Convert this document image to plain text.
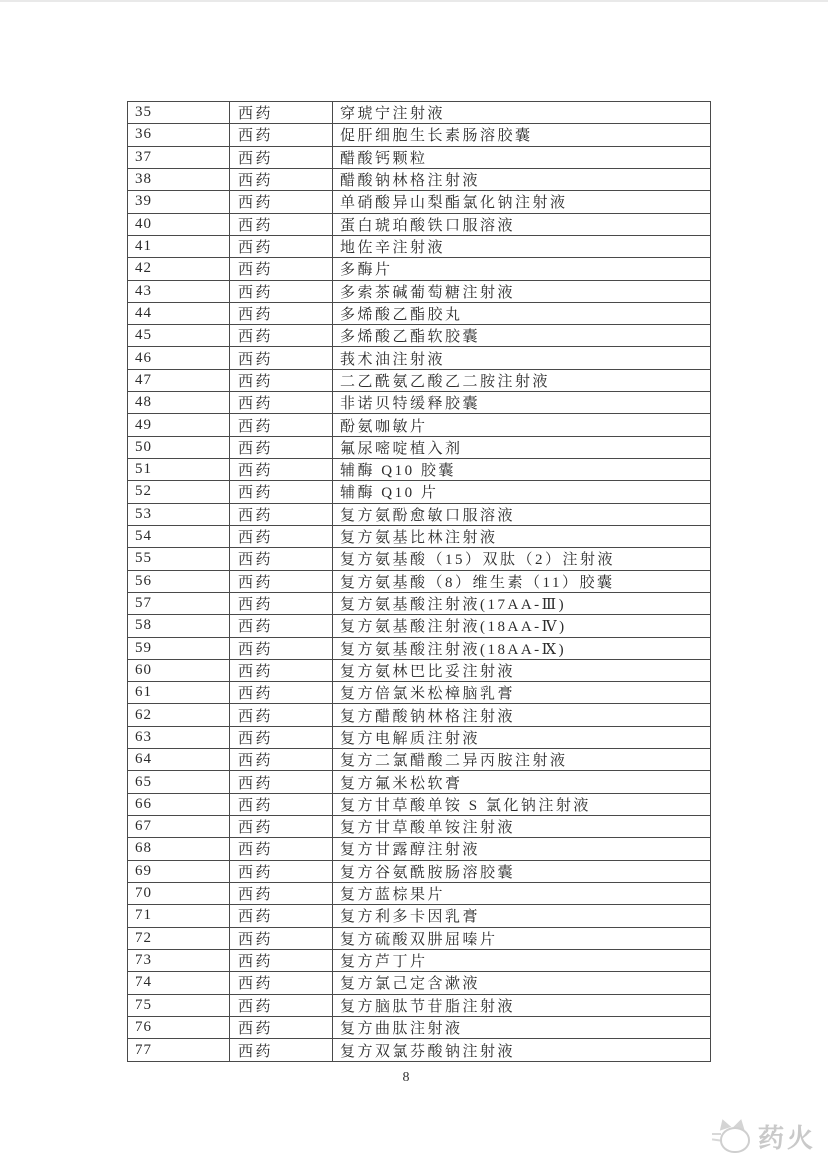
35	西药	穿琥宁注射液
36	西药	促肝细胞生长素肠溶胶囊
37	西药	醋酸钙颗粒
38	西药	醋酸钠林格注射液
39	西药	单硝酸异山梨酯氯化钠注射液
40	西药	蛋白琥珀酸铁口服溶液
41	西药	地佐辛注射液
42	西药	多酶片
43	西药	多索茶碱葡萄糖注射液
44	西药	多烯酸乙酯胶丸
45	西药	多烯酸乙酯软胶囊
46	西药	莪术油注射液
47	西药	二乙酰氨乙酸乙二胺注射液
48	西药	非诺贝特缓释胶囊
49	西药	酚氨咖敏片
50	西药	氟尿嘧啶植入剂
51	西药	辅酶 Q10 胶囊
52	西药	辅酶 Q10 片
53	西药	复方氨酚愈敏口服溶液
54	西药	复方氨基比林注射液
55	西药	复方氨基酸（15）双肽（2）注射液
56	西药	复方氨基酸（8）维生素（11）胶囊
57	西药	复方氨基酸注射液(17AA-Ⅲ)
58	西药	复方氨基酸注射液(18AA-Ⅳ)
59	西药	复方氨基酸注射液(18AA-Ⅸ)
60	西药	复方氨林巴比妥注射液
61	西药	复方倍氯米松樟脑乳膏
62	西药	复方醋酸钠林格注射液
63	西药	复方电解质注射液
64	西药	复方二氯醋酸二异丙胺注射液
65	西药	复方氟米松软膏
66	西药	复方甘草酸单铵 S 氯化钠注射液
67	西药	复方甘草酸单铵注射液
68	西药	复方甘露醇注射液
69	西药	复方谷氨酰胺肠溶胶囊
70	西药	复方蓝棕果片
71	西药	复方利多卡因乳膏
72	西药	复方硫酸双肼屈嗪片
73	西药	复方芦丁片
74	西药	复方氯己定含漱液
75	西药	复方脑肽节苷脂注射液
76	西药	复方曲肽注射液
77	西药	复方双氯芬酸钠注射液
8
药火
